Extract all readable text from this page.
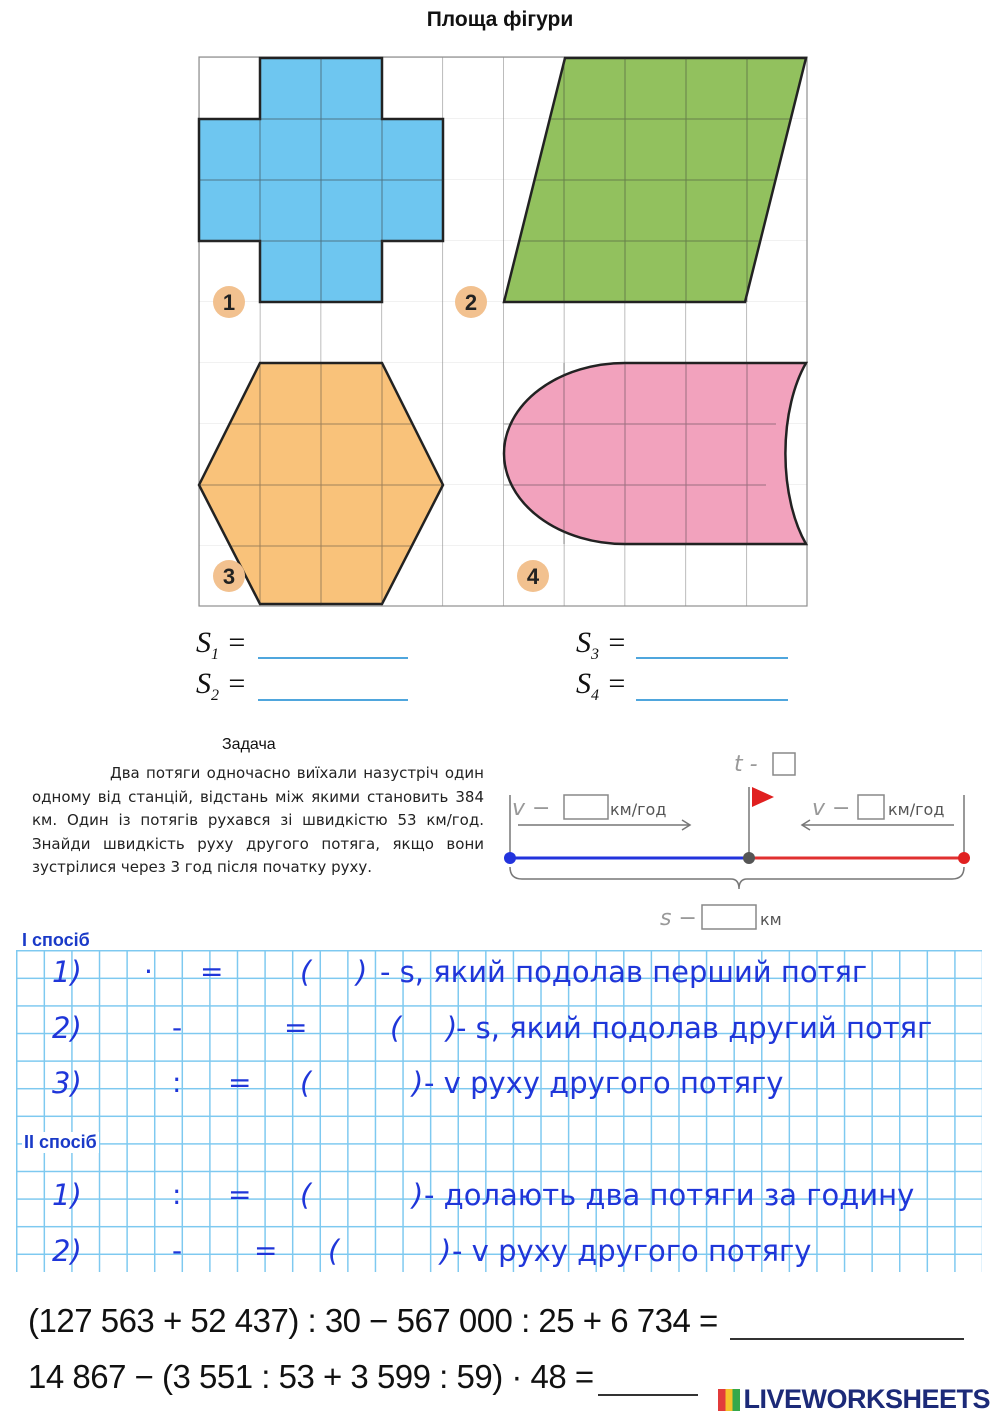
Площа фігури
1	2
3	4
$S_1$ =
$S_2$ =
$S_3$ =
$S_4$ =
Задача
Два потяги одночасно виїхали назустріч один одному від станцій, відстань між якими становить 384 км. Один із потягів рухався зі швидкістю 53 км/год. Знайди швидкість руху другого потяга, якщо вони зустрілися через 3 год після початку руху.
t -
v −	км/год	v − км/год
s −	км
І спосіб
1) · =	( ) - s, який подолав перший потяг
2)	-	=	( )
- s, який подолав другий потяг
3)	: = (	) - v руху другого потягу
ІІ спосіб
1)	: = (	) - долають два потяги за годину
2)	-	= (	) - v руху другого потягу
(127 563 + 52 437) : 30 − 567 000 : 25 + 6 734 =
14 867 − (3 551 : 53 + 3 599 : 59) · 48 =
LIVEWORKSHEETS
